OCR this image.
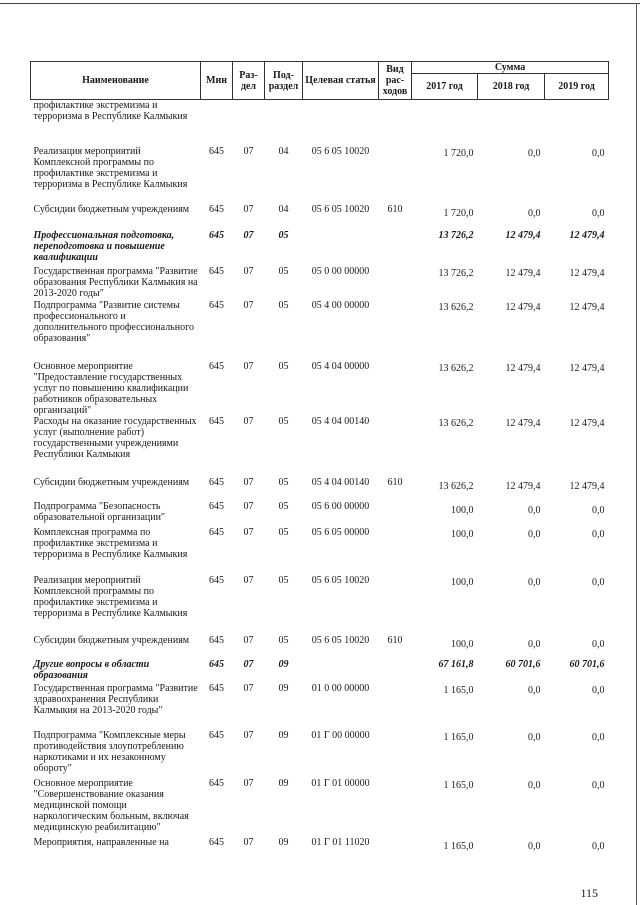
Наименование	Мин	Раз-дел	Под-раздел	Целевая статья	Вид рас-ходов	Сумма		
						2017 год	2018 год	2019 год
профилактике экстремизма и терроризма в Республике Калмыкия								
Реализация мероприятий Комплексной программы по профилактике экстремизма и терроризма в Республике Калмыкия	645	07	04	05 6 05 10020		1 720,0	0,0	0,0
Субсидии бюджетным учреждениям	645	07	04	05 6 05 10020	610	1 720,0	0,0	0,0
Профессиональная подготовка, переподготовка и повышение квалификации	645	07	05			13 726,2	12 479,4	12 479,4
Государственная программа "Развитие образования Республики Калмыкия на 2013-2020 годы"	645	07	05	05 0 00 00000		13 726,2	12 479,4	12 479,4
Подпрограмма "Развитие системы профессионального и дополнительного профессионального образования"	645	07	05	05 4 00 00000		13 626,2	12 479,4	12 479,4
Основное мероприятие "Предоставление государственных услуг по повышению квалификации работников образовательных организаций"	645	07	05	05 4 04 00000		13 626,2	12 479,4	12 479,4
Расходы на оказание государственных услуг (выполнение работ) государственными учреждениями Республики Калмыкия	645	07	05	05 4 04 00140		13 626,2	12 479,4	12 479,4
Субсидии бюджетным учреждениям	645	07	05	05 4 04 00140	610	13 626,2	12 479,4	12 479,4
Подпрограмма "Безопасность образовательной организации"	645	07	05	05 6 00 00000		100,0	0,0	0,0
Комплексная программа по профилактике экстремизма и терроризма в Республике Калмыкия	645	07	05	05 6 05 00000		100,0	0,0	0,0
Реализация мероприятий Комплексной программы по профилактике экстремизма и терроризма в Республике Калмыкия	645	07	05	05 6 05 10020		100,0	0,0	0,0
Субсидии бюджетным учреждениям	645	07	05	05 6 05 10020	610	100,0	0,0	0,0
Другие вопросы в области образования	645	07	09			67 161,8	60 701,6	60 701,6
Государственная программа "Развитие здравоохранения Республики Калмыкия на 2013-2020 годы"	645	07	09	01 0 00 00000		1 165,0	0,0	0,0
Подпрограмма "Комплексные меры противодействия злоупотреблению наркотиками и их незаконному обороту"	645	07	09	01 Г 00 00000		1 165,0	0,0	0,0
Основное мероприятие "Совершенствование оказания медицинской помощи наркологическим больным, включая медицинскую реабилитацию"	645	07	09	01 Г 01 00000		1 165,0	0,0	0,0
Мероприятия, направленные на	645	07	09	01 Г 01 11020		1 165,0	0,0	0,0
115
